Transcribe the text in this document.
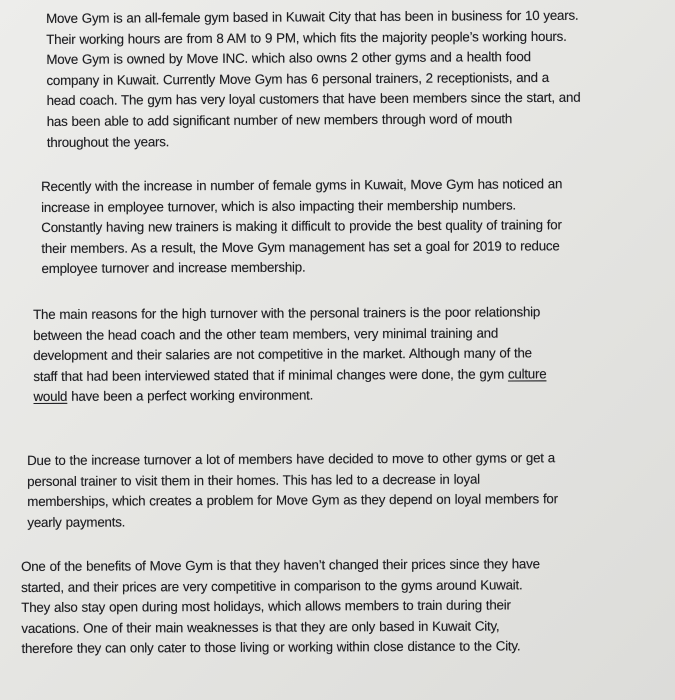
Move Gym is an all-female gym based in Kuwait City that has been in business for 10 years.
Their working hours are from 8 AM to 9 PM, which fits the majority people’s working hours.
Move Gym is owned by Move INC. which also owns 2 other gyms and a health food
company in Kuwait. Currently Move Gym has 6 personal trainers, 2 receptionists, and a
head coach. The gym has very loyal customers that have been members since the start, and
has been able to add significant number of new members through word of mouth
throughout the years.

Recently with the increase in number of female gyms in Kuwait, Move Gym has noticed an
increase in employee turnover, which is also impacting their membership numbers.
Constantly having new trainers is making it difficult to provide the best quality of training for
their members. As a result, the Move Gym management has set a goal for 2019 to reduce
employee turnover and increase membership.

The main reasons for the high turnover with the personal trainers is the poor relationship
between the head coach and the other team members, very minimal training and
development and their salaries are not competitive in the market. Although many of the
staff that had been interviewed stated that if minimal changes were done, the gym culture
would have been a perfect working environment.

Due to the increase turnover a lot of members have decided to move to other gyms or get a
personal trainer to visit them in their homes. This has led to a decrease in loyal
memberships, which creates a problem for Move Gym as they depend on loyal members for
yearly payments.

One of the benefits of Move Gym is that they haven’t changed their prices since they have
started, and their prices are very competitive in comparison to the gyms around Kuwait.
They also stay open during most holidays, which allows members to train during their
vacations. One of their main weaknesses is that they are only based in Kuwait City,
therefore they can only cater to those living or working within close distance to the City.
